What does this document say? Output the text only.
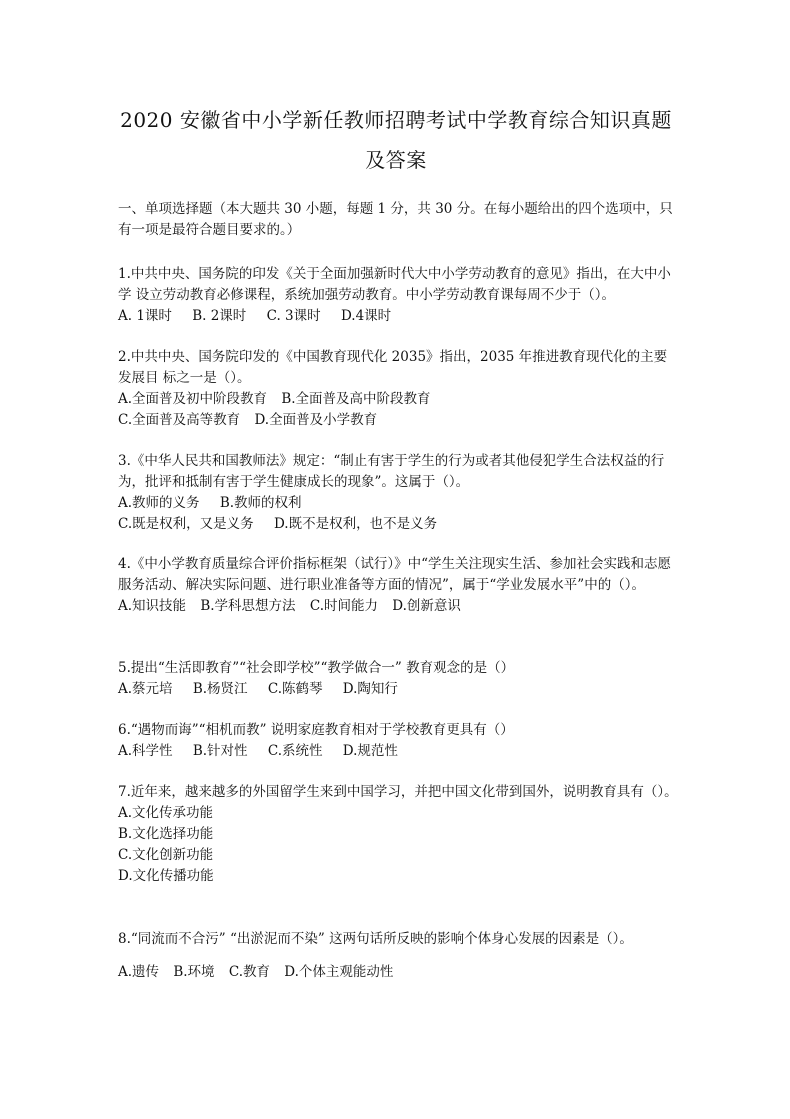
2020 安徽省中小学新任教师招聘考试中学教育综合知识真题及答案
一、单项选择题（本大题共 30 小题，每题 1 分，共 30 分。在每小题给出的四个选项中，只 有一项是最符合题目要求的。）

1.中共中央、国务院的印发《关于全面加强新时代大中小学劳动教育的意见》指出，在大中小学 设立劳动教育必修课程，系统加强劳动教育。中小学劳动教育课每周不少于（）。

A. 1课时 B. 2课时 C. 3课时 D.4课时

2.中共中央、国务院印发的《中国教育现代化 2035》指出，2035 年推进教育现代化的主要发展目 标之一是（）。

A.全面普及初中阶段教育 B.全面普及高中阶段教育

C.全面普及高等教育 D.全面普及小学教育

3.《中华人民共和国教师法》规定：“制止有害于学生的行为或者其他侵犯学生合法权益的行为，批评和抵制有害于学生健康成长的现象”。这属于（）。

A.教师的义务 B.教师的权利

C.既是权利，又是义务 D.既不是权利，也不是义务

4.《中小学教育质量综合评价指标框架（试行）》中“学生关注现实生活、参加社会实践和志愿 服务活动、解决实际问题、进行职业准备等方面的情况”，属于“学业发展水平”中的（）。

A.知识技能 B.学科思想方法 C.时间能力 D.创新意识

5.提出“生活即教育”“社会即学校”“教学做合一” 教育观念的是（）

A.蔡元培 B.杨贤江 C.陈鹤琴 D.陶知行

6.“遇物而诲”“相机而教” 说明家庭教育相对于学校教育更具有（）

A.科学性 B.针对性 C.系统性 D.规范性

7.近年来，越来越多的外国留学生来到中国学习，并把中国文化带到国外，说明教育具有（）。

A.文化传承功能

B.文化选择功能

C.文化创新功能

D.文化传播功能

8.“同流而不合污” “出淤泥而不染” 这两句话所反映的影响个体身心发展的因素是（）。

A.遗传 B.环境 C.教育 D.个体主观能动性
